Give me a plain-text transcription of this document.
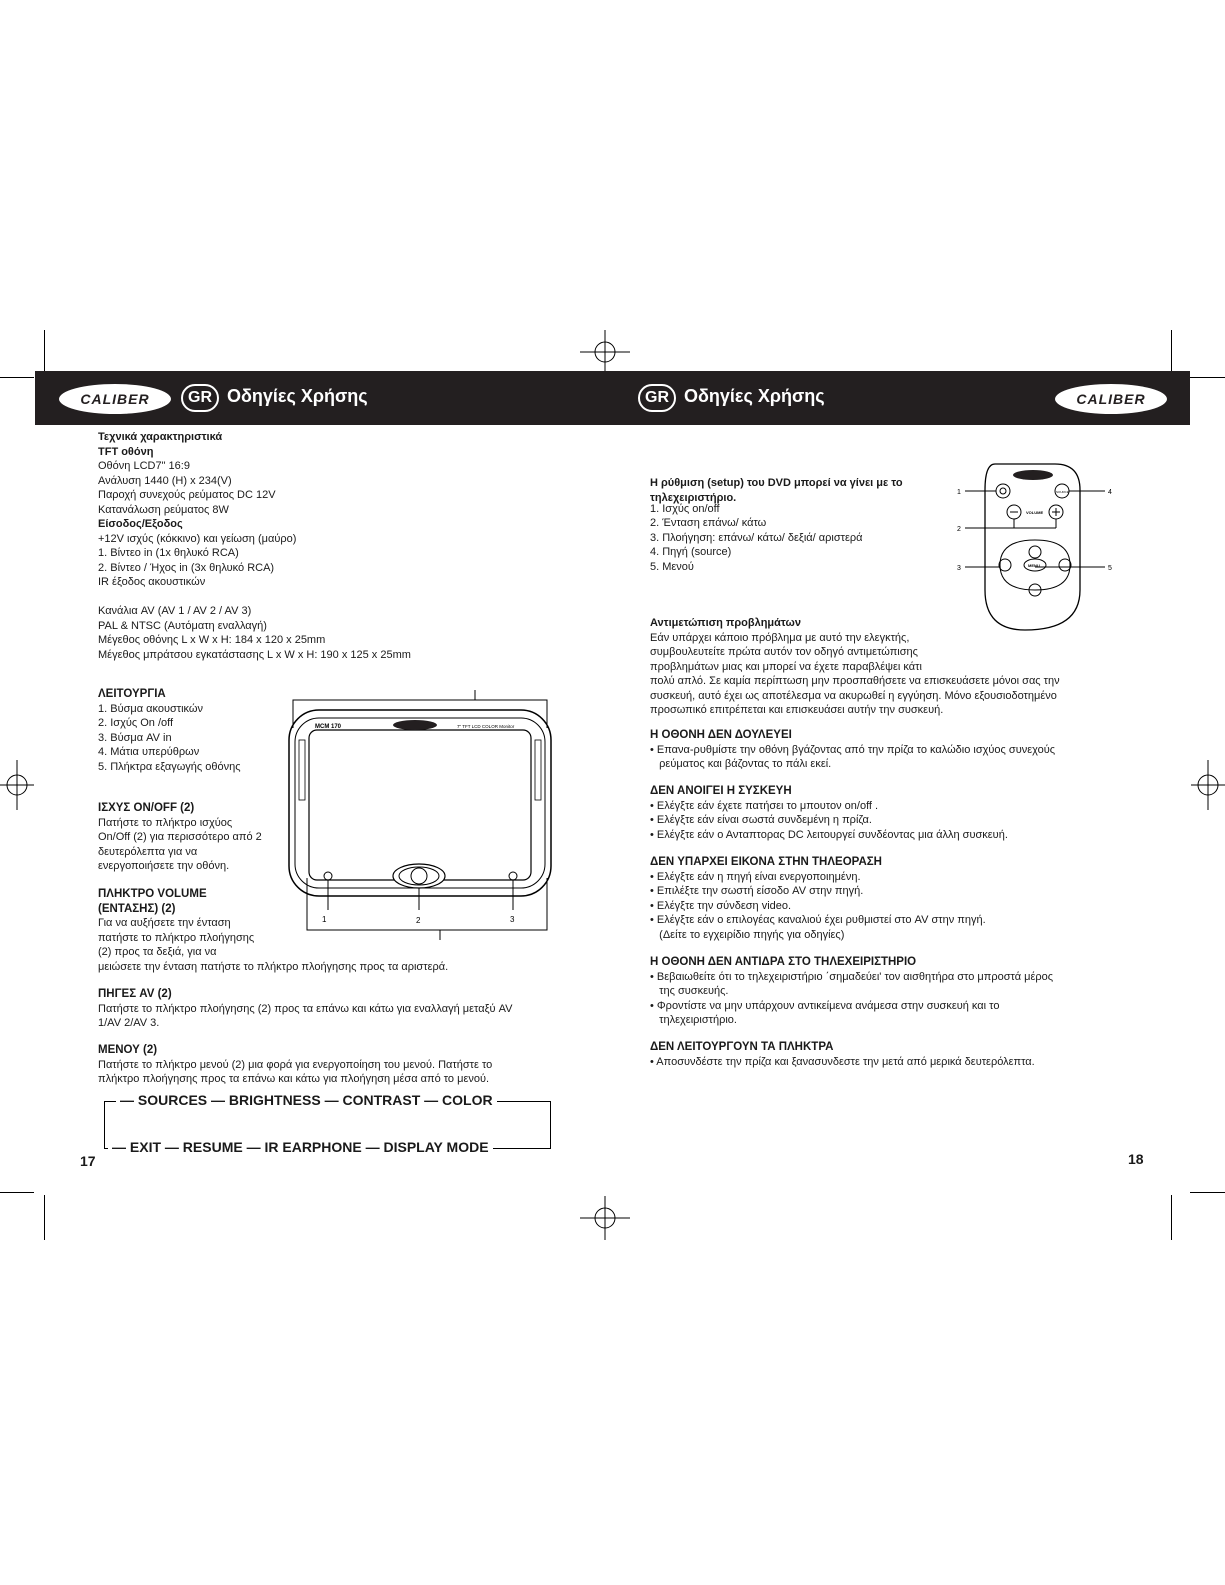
CALIBER	GR Οδηγίες Χρήσης	GR Οδηγίες Χρήσης	CALIBER
Τεχνικά χαρακτηριστικά
TFT οθόνη
Οθόνη LCD7" 16:9
Ανάλυση 1440 (H) x 234(V)
Παροχή συνεχούς ρεύματος DC 12V
Κατανάλωση ρεύματος 8W
Είσοδος/Εξοδος
+12V ισχύς (κόκκινο) και γείωση (μαύρο)
1. Βίντεο in (1x θηλυκό RCA)
2. Βίντεο / Ήχος in (3x θηλυκό RCA)
IR έξοδος ακουστικών
Κανάλια AV (AV 1 / AV 2 / AV 3)
PAL & NTSC (Αυτόματη εναλλαγή)
Μέγεθος οθόνης L x W x H: 184 x 120 x 25mm
Μέγεθος μπράτσου εγκατάστασης L x W x H: 190 x 125 x 25mm
ΛΕΙΤΟΥΡΓΙΑ
1. Βύσμα ακουστικών
2. Ισχύς On /off
3. Βύσμα AV in
4. Μάτια υπερύθρων
5. Πλήκτρα εξαγωγής οθόνης
ΙΣΧΥΣ ON/OFF (2)
Πατήστε το πλήκτρο ισχύος
On/Off (2) για περισσότερο από 2
δευτερόλεπτα για να
ενεργοποιήσετε την οθόνη.
ΠΛΗΚΤΡΟ VOLUME
(ΕΝΤΑΣΗΣ) (2)
Για να αυξήσετε την ένταση
πατήστε το πλήκτρο πλοήγησης
(2) προς τα δεξιά, για να
μειώσετε την ένταση πατήστε το πλήκτρο πλοήγησης προς τα αριστερά.
ΠΗΓΕΣ AV (2)
Πατήστε το πλήκτρο πλοήγησης (2) προς τα επάνω και κάτω για εναλλαγή μεταξύ AV
1/AV 2/AV 3.
ΜΕΝΟΥ (2)
Πατήστε το πλήκτρο μενού (2) μια φορά για ενεργοποίηση του μενού. Πατήστε το
πλήκτρο πλοήγησης προς τα επάνω και κάτω για πλοήγηση μέσα από το μενού.
— SOURCES — BRIGHTNESS — CONTRAST — COLOR
— EXIT — RESUME — IR EARPHONE — DISPLAY MODE
MCM 170	7" TFT LCD COLOR Monitor
1	2	3
17
Η ρύθμιση (setup) του DVD μπορεί να γίνει με το
τηλεχειριστήριο.
1. Ισχύς on/off
2. Ένταση επάνω/ κάτω
3. Πλοήγηση: επάνω/ κάτω/ δεξιά/ αριστερά
4. Πηγή (source)
5. Μενού
SOURCE
VOLUME
MENU
1
2
3
4
5
Αντιμετώπιση προβλημάτων
Εάν υπάρχει κάποιο πρόβλημα με αυτό την ελεγκτής,
συμβουλευτείτε πρώτα αυτόν τον οδηγό αντιμετώπισης
προβλημάτων μιας και μπορεί να έχετε παραβλέψει κάτι
πολύ απλό. Σε καμία περίπτωση μην προσπαθήσετε να επισκευάσετε μόνοι σας την
συσκευή, αυτό έχει ως αποτέλεσμα να ακυρωθεί η εγγύηση. Μόνο εξουσιοδοτημένο
προσωπικό επιτρέπεται και επισκευάσει αυτήν την συσκευή.
Η ΟΘΟΝΗ ΔΕΝ ΔΟΥΛΕΥΕΙ
• Επανα-ρυθμίστε την οθόνη βγάζοντας από την πρίζα το καλώδιο ισχύος συνεχούς
ρεύματος και βάζοντας το πάλι εκεί.
ΔΕΝ ΑΝΟΙΓΕΙ Η ΣΥΣΚΕΥΗ
• Ελέγξτε εάν έχετε πατήσει το μπουτον on/off .
• Ελέγξτε εάν είναι σωστά συνδεμένη η πρίζα.
• Ελέγξτε εάν ο Ανταπτορας DC λειτουργεί συνδέοντας μια άλλη συσκευή.
ΔΕΝ ΥΠΑΡΧΕΙ ΕΙΚΟΝΑ ΣΤΗΝ ΤΗΛΕΟΡΑΣΗ
• Ελέγξτε εάν η πηγή είναι ενεργοποιημένη.
• Επιλέξτε την σωστή είσοδο AV στην πηγή.
• Ελέγξτε την σύνδεση video.
• Ελέγξτε εάν ο επιλογέας καναλιού έχει ρυθμιστεί στο AV στην πηγή.
(Δείτε το εγχειρίδιο πηγής για οδηγίες)
Η ΟΘΟΝΗ ΔΕΝ ΑΝΤΙΔΡΑ ΣΤΟ ΤΗΛΕΧΕΙΡΙΣΤΗΡΙΟ
• Βεβαιωθείτε ότι το τηλεχειριστήριο ΄σημαδεύει' τον αισθητήρα στο μπροστά μέρος
της συσκευής.
• Φροντίστε να μην υπάρχουν αντικείμενα ανάμεσα στην συσκευή και το
τηλεχειριστήριο.
ΔΕΝ ΛΕΙΤΟΥΡΓΟΥΝ ΤΑ ΠΛΗΚΤΡΑ
• Αποσυνδέστε την πρίζα και ξανασυνδεστε την μετά από μερικά δευτερόλεπτα.
18
